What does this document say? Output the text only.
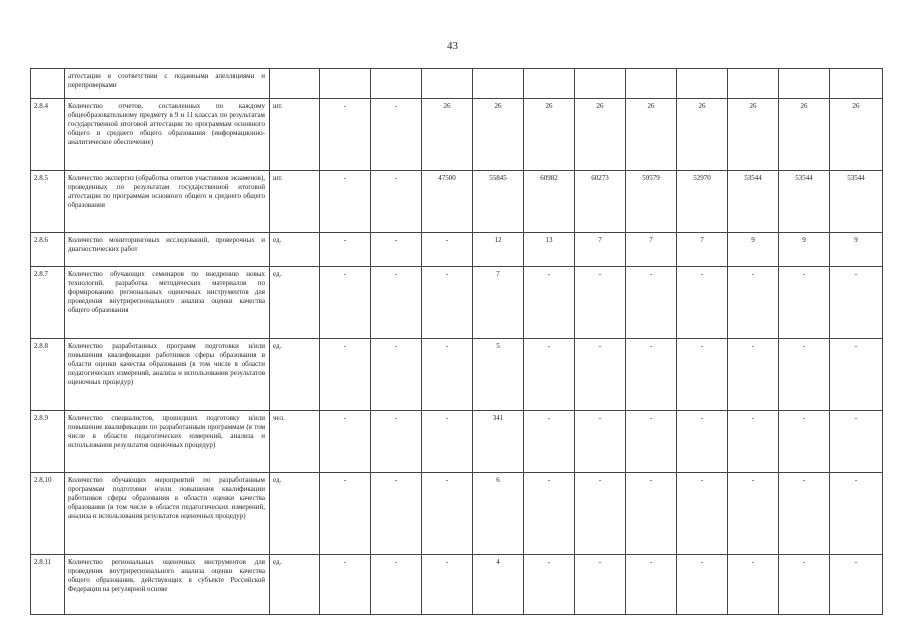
43
	аттестации в соответствии с поданными апелляциями и перепроверками												
2.8.4	Количество отчетов, составленных по каждому общеобразовательному предмету в 9 и 11 классах по результатам государственной итоговой аттестации по программам основного общего и среднего общего образования (информационно-аналитическое обеспечение)	шт.	-	-	26	26	26	26	26	26	26	26	26
2.8.5	Количество экспертиз (обработка ответов участников экзаменов), проведенных по результатам государственной итоговой аттестации по программам основного общего и среднего общего образования	шт.	-	-	47500	55845	60982	60273	59579	52970	53544	53544	53544
2.8.6	Количество мониторинговых исследований, проверочных и диагностических работ	ед.	-	-	-	12	13	7	7	7	9	9	9
2.8.7	Количество обучающих семинаров по внедрению новых технологий, разработка методических материалов по формированию региональных оценочных инструментов для проведения внутрирегионального анализа оценки качества общего образования	ед.	-	-	-	7	-	-	-	-	-	-	-
2.8.8	Количество разработанных программ подготовки и/или повышения квалификации работников сферы образования в области оценки качества образования (в том числе в области педагогических измерений, анализа и использования результатов оценочных процедур)	ед.	-	-	-	5	-	-	-	-	-	-	-
2.8.9	Количество специалистов, прошедших подготовку и/или повышение квалификации по разработанным программам (в том числе в области педагогических измерений, анализа и использования результатов оценочных процедур)	чел.	-	-	-	341	-	-	-	-	-	-	-
2.8.10	Количество обучающих мероприятий по разработанным программам подготовки и/или повышения квалификации работников сферы образования в области оценки качества образования (в том числе в области педагогических измерений, анализа и использования результатов оценочных процедур)	ед.	-	-	-	6	-	-	-	-	-	-	-
2.8.11	Количество региональных оценочных инструментов для проведения внутрирегионального анализа оценки качества общего образования, действующих в субъекте Российской Федерации на регулярной основе	ед.	-	-	-	4	-	-	-	-	-	-	-
